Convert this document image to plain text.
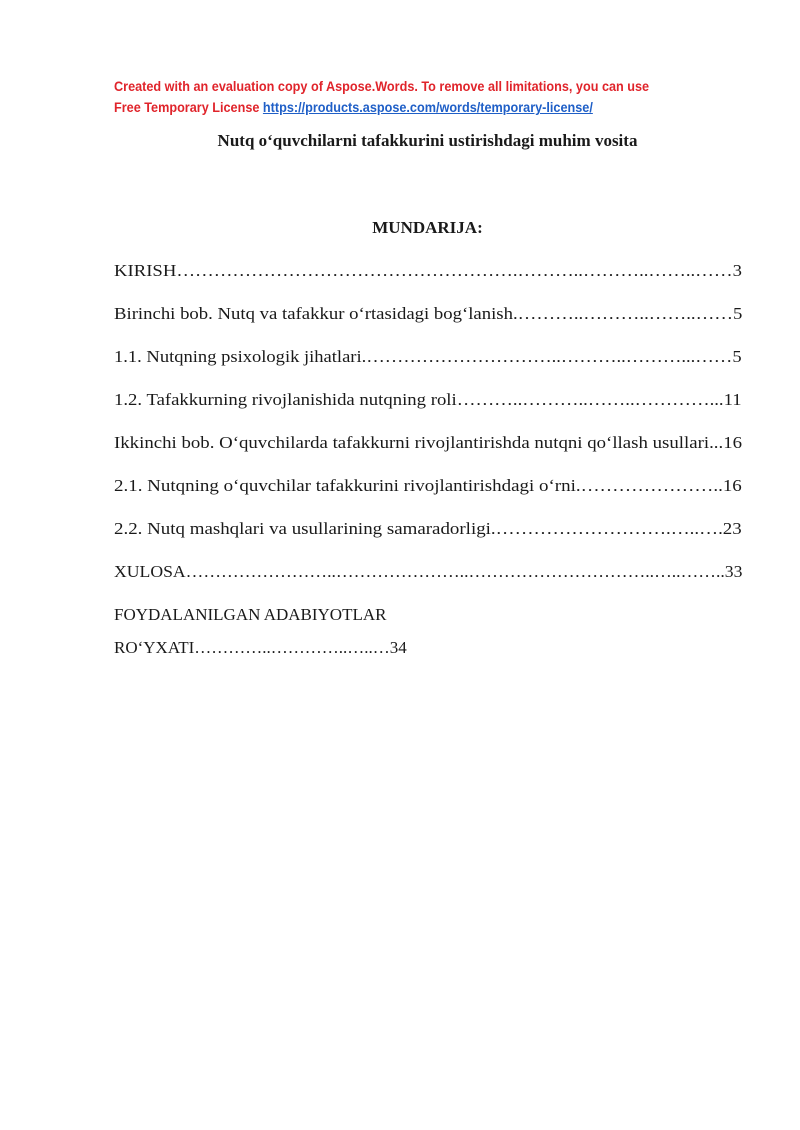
Created with an evaluation copy of Aspose.Words. To remove all limitations, you can use
Free Temporary License https://products.aspose.com/words/temporary-license/
Nutq o‘quvchilarni tafakkurini ustirishdagi muhim vosita
MUNDARIJA:

KIRISH……………………………………………….………..………..……..……3

Birinchi bob. Nutq va tafakkur o‘rtasidagi bog‘lanish.………..………..……..……5

1.1. Nutqning psixologik jihatlari.…………………………..………..………...……5

1.2. Tafakkurning rivojlanishida nutqning roli………..………..……..…………...11

Ikkinchi bob. O‘quvchilarda tafakkurni rivojlantirishda nutqni qo‘llash usullari...16

2.1. Nutqning o‘quvchilar tafakkurini rivojlantirishdagi o‘rni.…………………..16

2.2. Nutq mashqlari va usullarining samaradorligi.……………………….…..….23

XULOSA……………………..…………………..…………………………..…..……..33

FOYDALANILGAN ADABIYOTLAR

RO‘YXATI…………..…………..…..…34
